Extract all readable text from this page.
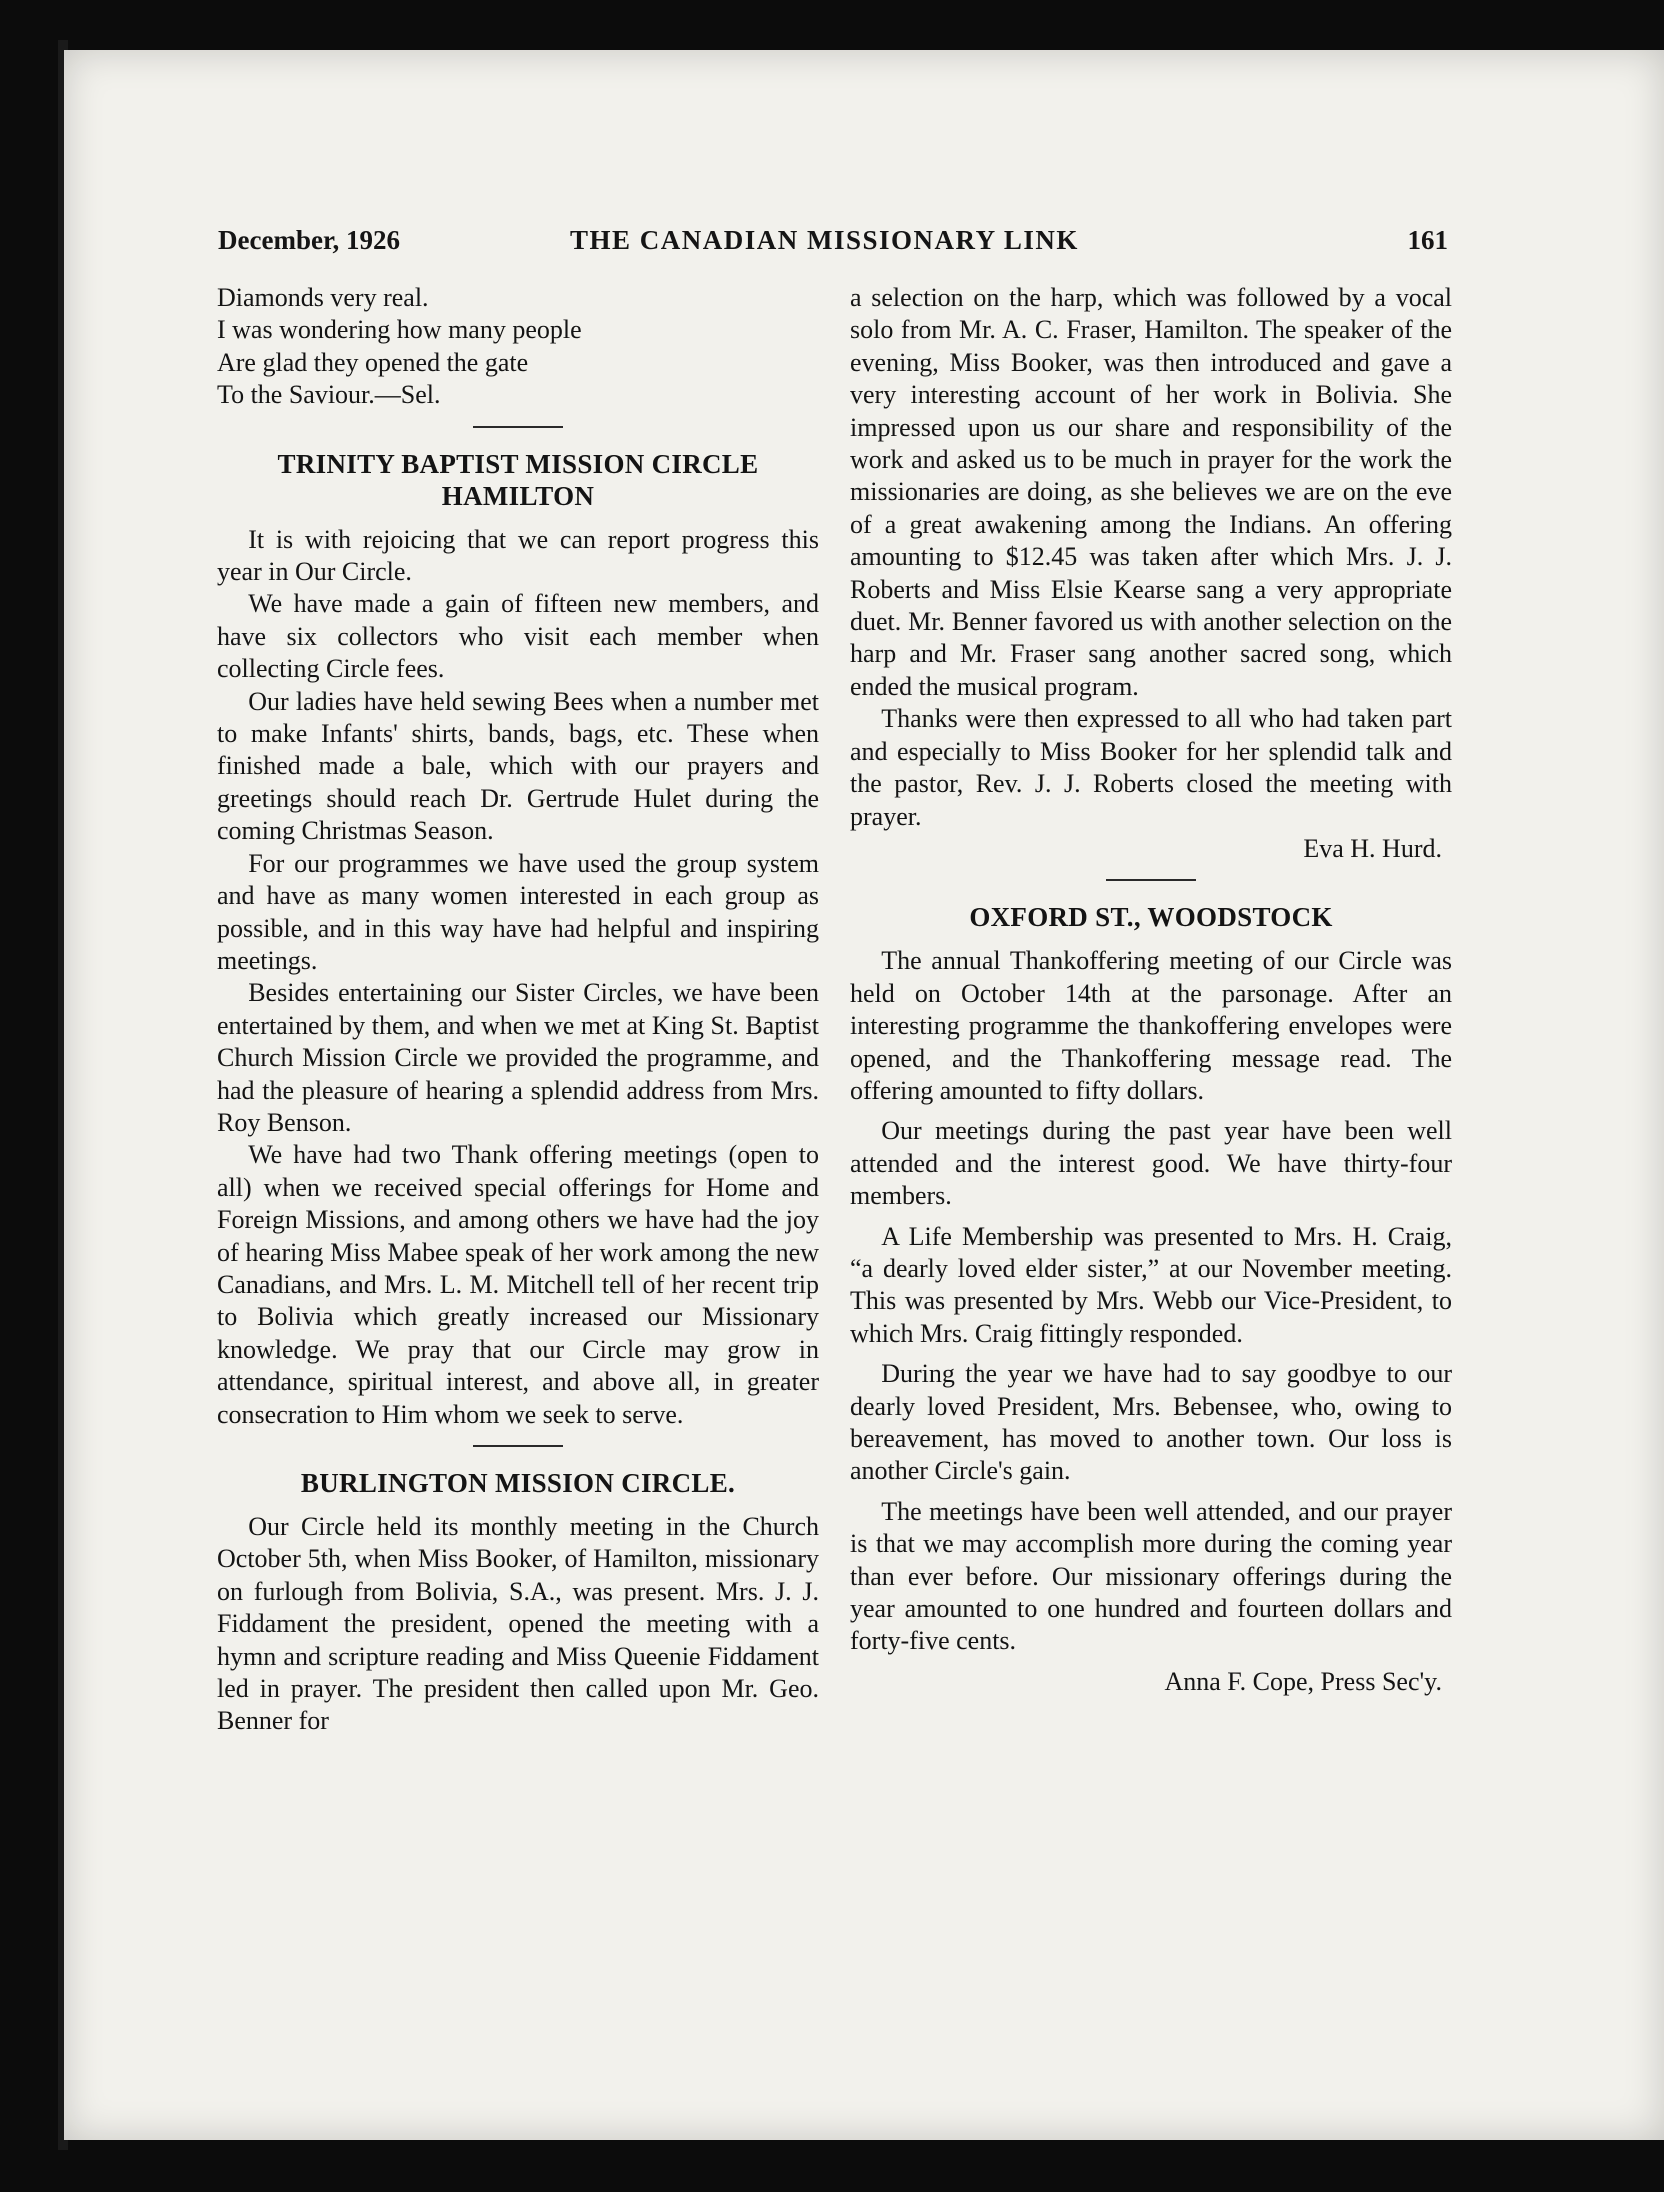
December, 1926	THE CANADIAN MISSIONARY LINK	161
Diamonds very real.
I was wondering how many people
Are glad they opened the gate
To the Saviour.—Sel.
TRINITY BAPTIST MISSION CIRCLE
HAMILTON

It is with rejoicing that we can report progress this year in Our Circle.

We have made a gain of fifteen new members, and have six collectors who visit each member when collecting Circle fees.

Our ladies have held sewing Bees when a number met to make Infants' shirts, bands, bags, etc. These when finished made a bale, which with our prayers and greetings should reach Dr. Gertrude Hulet during the coming Christmas Season.

For our programmes we have used the group system and have as many women interested in each group as possible, and in this way have had helpful and inspiring meetings.

Besides entertaining our Sister Circles, we have been entertained by them, and when we met at King St. Baptist Church Mission Circle we provided the programme, and had the pleasure of hearing a splendid address from Mrs. Roy Benson.

We have had two Thank offering meetings (open to all) when we received special offerings for Home and Foreign Missions, and among others we have had the joy of hearing Miss Mabee speak of her work among the new Canadians, and Mrs. L. M. Mitchell tell of her recent trip to Bolivia which greatly increased our Missionary knowledge. We pray that our Circle may grow in attendance, spiritual interest, and above all, in greater consecration to Him whom we seek to serve.

BURLINGTON MISSION CIRCLE.

Our Circle held its monthly meeting in the Church October 5th, when Miss Booker, of Hamilton, missionary on furlough from Bolivia, S.A., was present. Mrs. J. J. Fiddament the president, opened the meeting with a hymn and scripture reading and Miss Queenie Fiddament led in prayer. The president then called upon Mr. Geo. Benner for

a selection on the harp, which was followed by a vocal solo from Mr. A. C. Fraser, Hamilton. The speaker of the evening, Miss Booker, was then introduced and gave a very interesting account of her work in Bolivia. She impressed upon us our share and responsibility of the work and asked us to be much in prayer for the work the missionaries are doing, as she believes we are on the eve of a great awakening among the Indians. An offering amounting to $12.45 was taken after which Mrs. J. J. Roberts and Miss Elsie Kearse sang a very appropriate duet. Mr. Benner favored us with another selection on the harp and Mr. Fraser sang another sacred song, which ended the musical program.

Thanks were then expressed to all who had taken part and especially to Miss Booker for her splendid talk and the pastor, Rev. J. J. Roberts closed the meeting with prayer.

Eva H. Hurd.

OXFORD ST., WOODSTOCK

The annual Thankoffering meeting of our Circle was held on October 14th at the parsonage. After an interesting programme the thankoffering envelopes were opened, and the Thankoffering message read. The offering amounted to fifty dollars.

Our meetings during the past year have been well attended and the interest good. We have thirty-four members.

A Life Membership was presented to Mrs. H. Craig, “a dearly loved elder sister,” at our November meeting. This was presented by Mrs. Webb our Vice-President, to which Mrs. Craig fittingly responded.

During the year we have had to say goodbye to our dearly loved President, Mrs. Bebensee, who, owing to bereavement, has moved to another town. Our loss is another Circle's gain.

The meetings have been well attended, and our prayer is that we may accomplish more during the coming year than ever before. Our missionary offerings during the year amounted to one hundred and fourteen dollars and forty-five cents.

Anna F. Cope, Press Sec'y.
